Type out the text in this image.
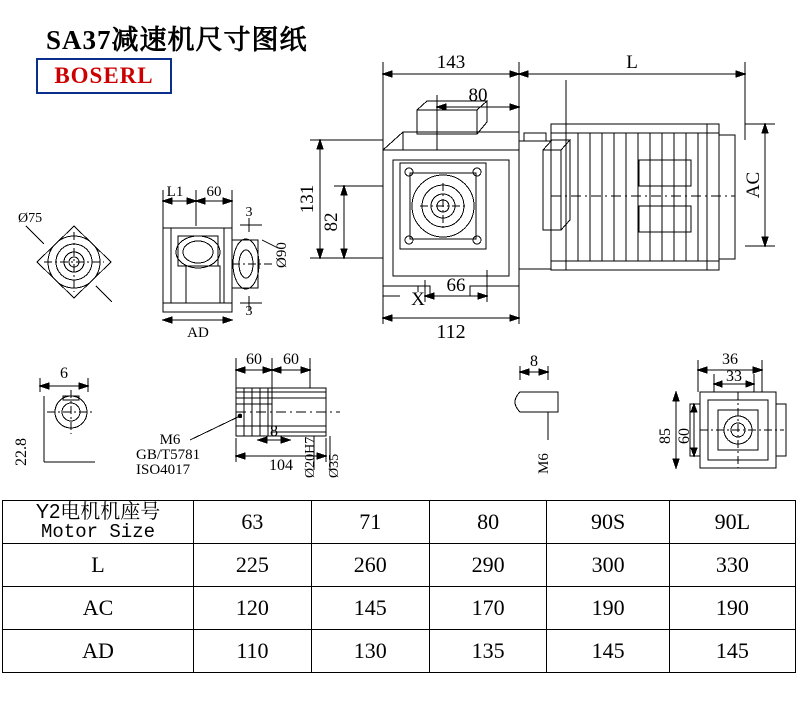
SA37减速机尺寸图纸
BOSERL
143	L
80
131
82
AC
X
66
112
L1 60
3
3
Ø90
AD
Ø75
6
22.8
60 60
M6
GB/T5781
ISO4017
8
104 Ø20H7 Ø35
8
M6
36
33
85 60
Y2电机机座号
Motor Size	63	71	80	90S	90L
L	225	260	290	300	330
AC	120	145	170	190	190
AD	110	130	135	145	145
